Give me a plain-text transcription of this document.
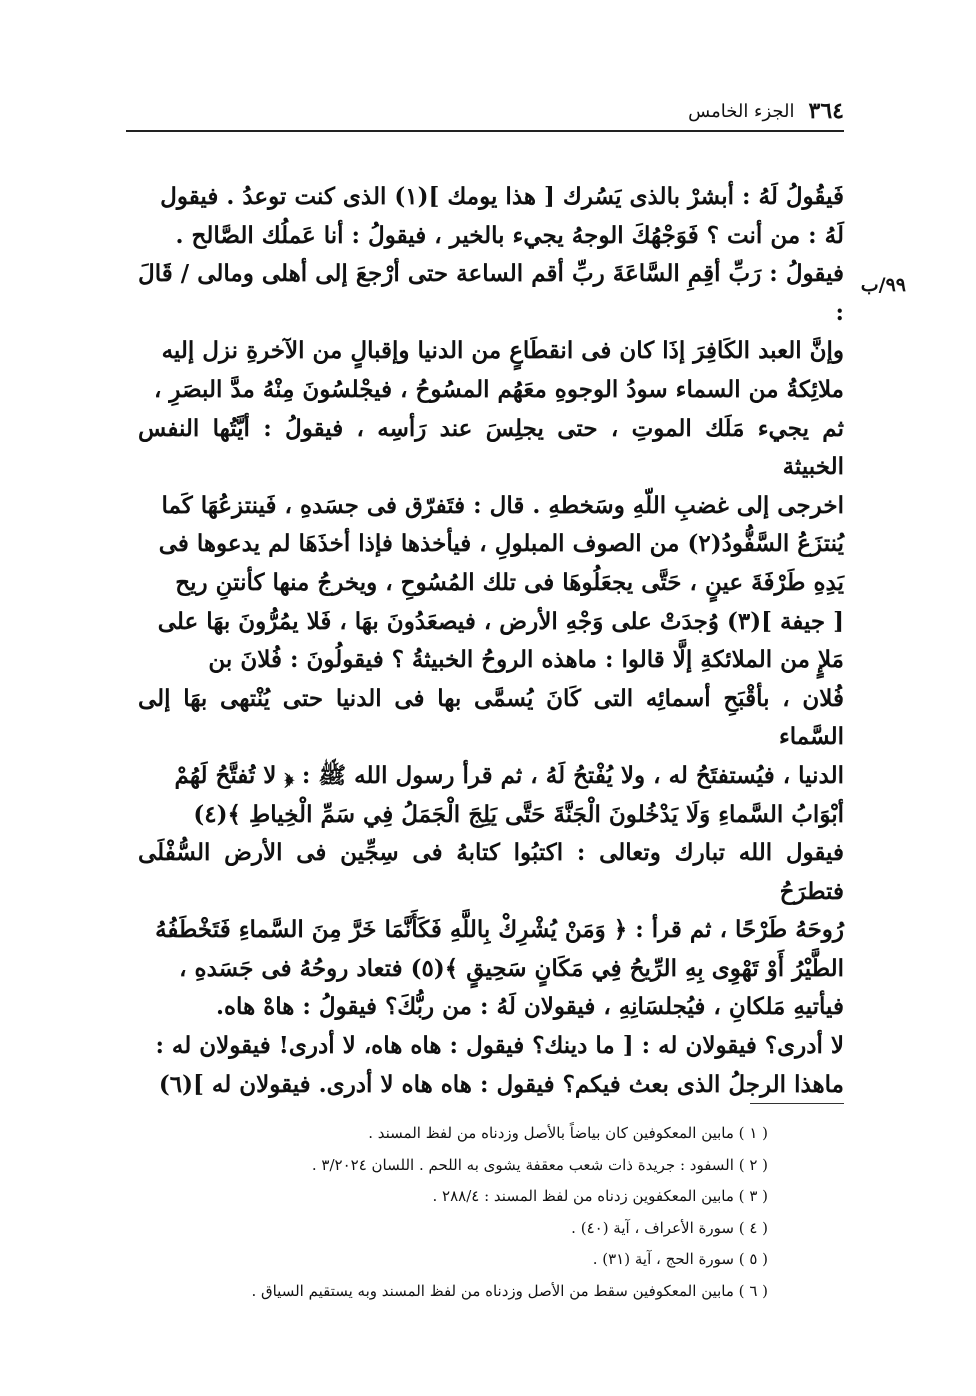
٣٦٤
الجزء الخامس
٩٩/ب

فَيقُولُ لَهُ : أبشرْ بالذى يَسُرك [ هذا يومك ](١) الذى كنت توعدُ . فيقول

لَهُ : من أنت ؟ فَوَجْهُكَ الوجهُ يجيء بالخير ، فيقولُ : أنا عَملُك الصَّالح .

فيقولُ : رَبِّ أقِمِ السَّاعَةَ ربِّ أقم الساعة حتى أرْجعَ إلى أهلى ومالى / قَالَ :

وإنَّ العبد الكَافِرَ إذَا كان فى انقطَاعٍ من الدنيا وإقبالٍ من الآخرةِ نزل إليه

ملائِكةُ من السماء سودُ الوجوهِ معَهُم المسُوحُ ، فيجْلسُونَ مِنْهُ مدَّ البصَرِ ،

ثم يجيء مَلَك الموتِ ، حتى يجلِسَ عند رَأسِه ، فيقولُ : أيَّتُها النفس الخبيثة

اخرجى إلى غضبِ اللّهِ وسَخطهِ . قال : فتَفرّق فى جسَدهِ ، فَينتزعُهَا كَما

يُنتزَعُ السَّفُّودُ(٢) من الصوف المبلولِ ، فيأخذها فإذا أخذَهَا لم يدعوها فى

يَدِهِ طَرْفَةَ عينٍ ، حَتَّى يجعَلُوهَا فى تلك المُسُوحِ ، ويخرجُ منها كأنتنِ ريح

[ جيفة ](٣) وُجدَتْ على وَجْهِ الأرض ، فيصعَدُونَ بهَا ، فَلا يمُرُّونَ بهَا على

مَلإٍ من الملائكةِ إلَّا قالوا : ماهذه الروحُ الخبيثةُ ؟ فيقولُونَ : فُلانَ بن

فُلان ، بأقْبَحِ أسمائِه التى كَانَ يُسمَّى بها فى الدنيا حتى يُنْتهى بهَا إلى السَّماء

الدنيا ، فيُستفتَحُ له ، ولا يُفْتحُ لَهُ ، ثم قرأ رسول الله ﷺ : ﴿ لا تُفتَّحُ لَهُمْ

أبْوَابُ السَّماءِ وَلَا يَدْخُلونَ الْجَنَّةَ حَتَّى يَلِجَ الْجَمَلُ فِي سَمِّ الْخِياطِ ﴾(٤)

فيقول الله تبارك وتعالى : اكتبُوا كتابهُ فى سِجِّين فى الأرض السُّفْلَى فتطرَحُ

رُوحَهُ طَرْحًا ، ثم قرأ : ﴿ وَمَنْ يُشْرِكْ بِاللَّهِ فَكَأَنَّمَا خَرَّ مِنَ السَّماءِ فَتَخْطَفُهُ

الطَّيْرُ أَوْ تَهْوِى بِهِ الرِّيحُ فِي مَكَانٍ سَحِيقٍ ﴾(٥) فتعاد روحُهُ فى جَسَدهِ ،

فيأتيهِ مَلكانِ ، فيُجلسَانِهِ ، فيقولان لَهُ : من ربُّكَ؟ فيقولُ : هاهْ هاه.

لا أدرى؟ فيقولان له : [ ما دينك؟ فيقول : هاه هاه، لا أدرى! فيقولان له :

ماهذا الرجلُ الذى بعث فيكم؟ فيقول : هاه هاه لا أدرى. فيقولان له ](٦)

( ١ ) مابين المعكوفين كان بياضاً بالأصل وزدناه من لفظ المسند .
( ٢ ) السفود : جريدة ذات شعب معقفة يشوى به اللحم . اللسان ٣/٢٠٢٤ .
( ٣ ) مابين المعكفوين زدناه من لفظ المسند : ٢٨٨/٤ .
( ٤ ) سورة الأعراف ، آية (٤٠) .
( ٥ ) سورة الحج ، آية (٣١) .
( ٦ ) مابين المعكوفين سقط من الأصل وزدناه من لفظ المسند وبه يستقيم السياق .
